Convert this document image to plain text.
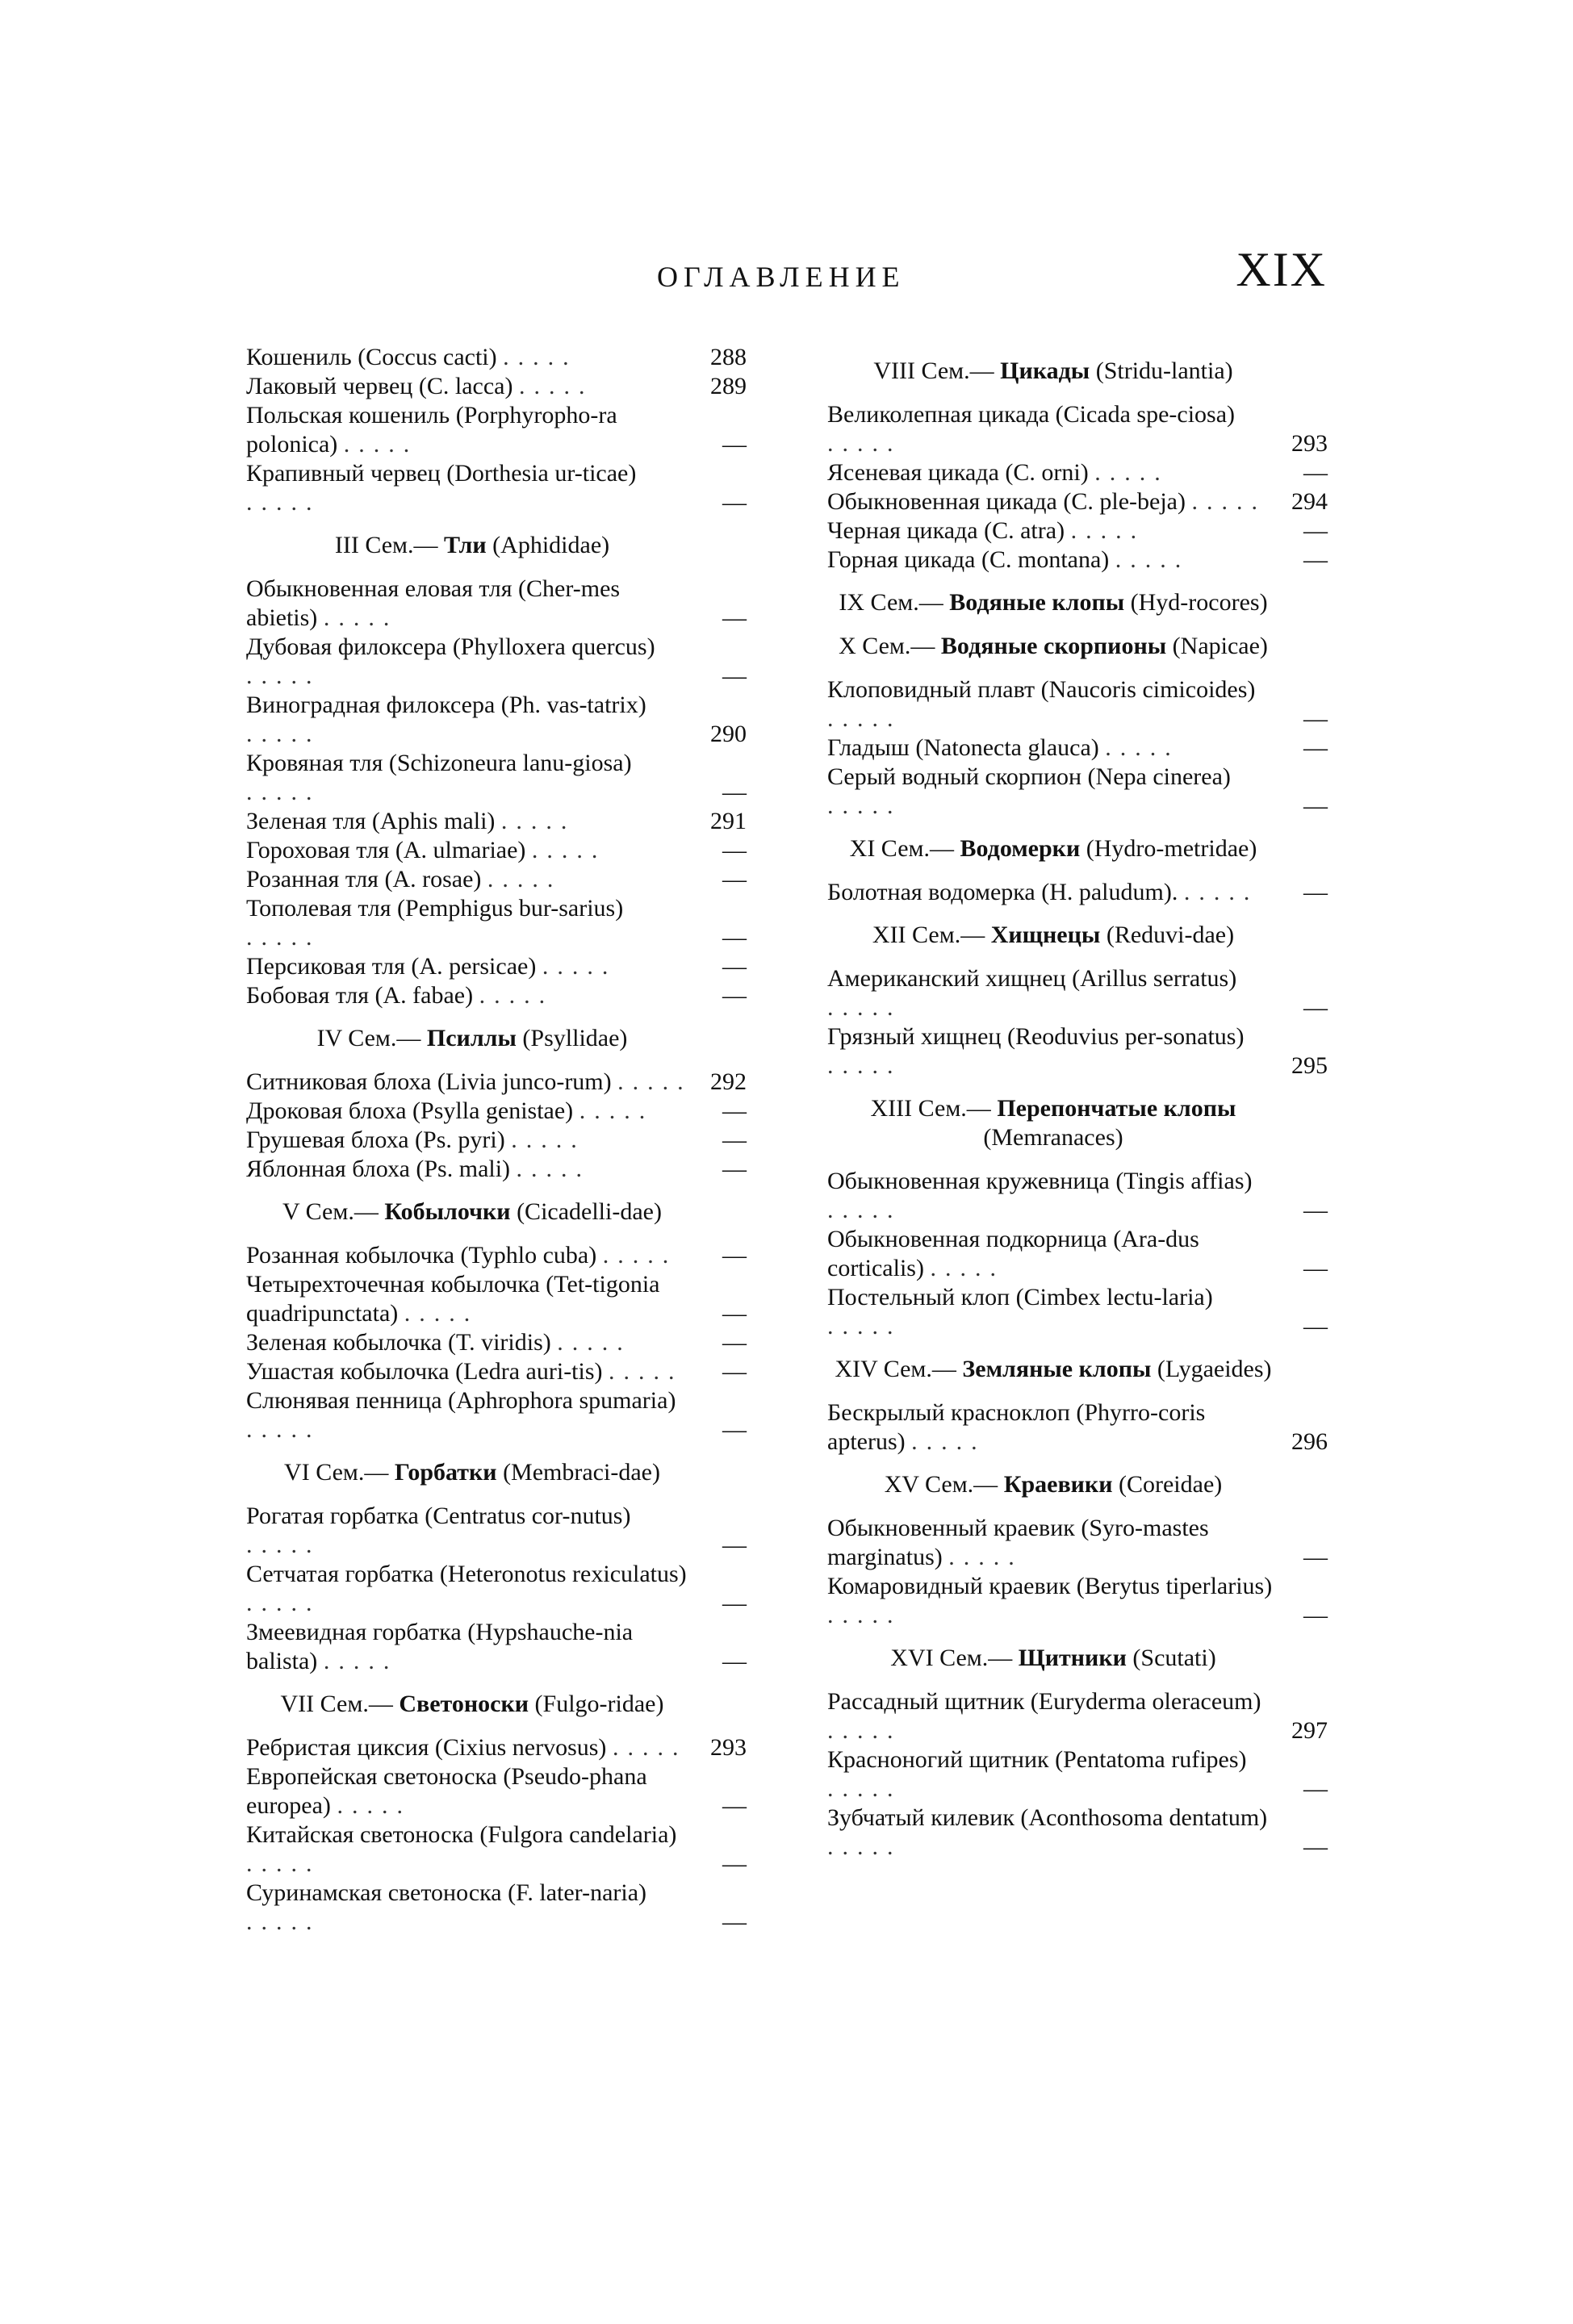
ОГЛАВЛЕНИЕ	XIX
Кошениль (Coccus cacti) .....	288
Лаковый червец (C. lacca) .....	289
Польская кошениль (Porphyropho-ra polonica) .....	—
Крапивный червец (Dorthesia ur-ticae) .....	—
III Сем.— Тли (Aphididae)
Обыкновенная еловая тля (Cher-mes abietis) .....	—
Дубовая филоксера (Phylloxera quercus) .....	—
Виноградная филоксера (Ph. vas-tatrix) .....	290
Кровяная тля (Schizoneura lanu-giosa) .....	—
Зеленая тля (Aphis mali) .....	291
Гороховая тля (A. ulmariae) .....	—
Розанная тля (A. rosae) .....	—
Тополевая тля (Pemphigus bur-sarius) .....	—
Персиковая тля (A. persicae) .....	—
Бобовая тля (A. fabae) .....	—
IV Сем.— Псиллы (Psyllidae)
Ситниковая блоха (Livia junco-rum) ..... 292
Дроковая блоха (Psylla genistae) .....	—
Грушевая блоха (Ps. pyri) .....	—
Яблонная блоха (Ps. mali) .....	—
V Сем.— Кобылочки (Cicadelli-dae)
Розанная кобылочка (Typhlo cuba) .....	—
Четырехточечная кобылочка (Tet-tigonia quadripunctata) .....	—
Зеленая кобылочка (T. viridis) .....	—
Ушастая кобылочка (Ledra auri-tis) .....	—
Слюнявая пенница (Aphrophora spumaria) .....	—
VI Сем.— Горбатки (Membraci-dae)
Рогатая горбатка (Centratus cor-nutus) .....	—
Сетчатая горбатка (Heteronotus rexiculatus) .....	—
Змеевидная горбатка (Hypshauche-nia balista) .....	—
VII Сем.— Светоноски (Fulgo-ridae)
Ребристая циксия (Cixius nervosus) ..... 293
Европейская светоноска (Pseudo-phana europea) .....	—
Китайская светоноска (Fulgora candelaria) .....	—
Суринамская светоноска (F. later-naria) .....	—
VIII Сем.— Цикады (Stridu-lantia)
Великолепная цикада (Cicada spe-ciosa) .....	293
Ясеневая цикада (C. orni) .....	—
Обыкновенная цикада (C. ple-beja) .....	294
Черная цикада (C. atra) .....	—
Горная цикада (C. montana) .....	—
IX Сем.— Водяные клопы (Hyd-rocores)
X Сем.— Водяные скорпионы (Napicae)
Клоповидный плавт (Naucoris cimicoides) .....	—
Гладыш (Natonecta glauca) .....	—
Серый водный скорпион (Nepa cinerea) .....	—
XI Сем.— Водомерки (Hydro-metridae)
Болотная водомерка (H. paludum). .....	—
XII Сем.— Хищнецы (Reduvi-dae)
Американский хищнец (Arillus serratus) .....	—
Грязный хищнец (Reoduvius per-sonatus) .....	295
XIII Сем.— Перепончатые клопы (Memranaces)
Обыкновенная кружевница (Tingis affias) .....	—
Обыкновенная подкорница (Ara-dus corticalis) .....	—
Постельный клоп (Cimbex lectu-laria) .....	—
XIV Сем.— Земляные клопы (Lygaeides)
Бескрылый красноклоп (Phyrro-coris apterus) .....	296
XV Сем.— Краевики (Coreidae)
Обыкновенный краевик (Syro-mastes marginatus) .....	—
Комаровидный краевик (Berytus tiperlarius) .....	—
XVI Сем.— Щитники (Scutati)
Рассадный щитник (Euryderma oleraceum) .....	297
Красноногий щитник (Pentatoma rufipes) .....	—
Зубчатый килевик (Aconthosoma dentatum) .....	—
